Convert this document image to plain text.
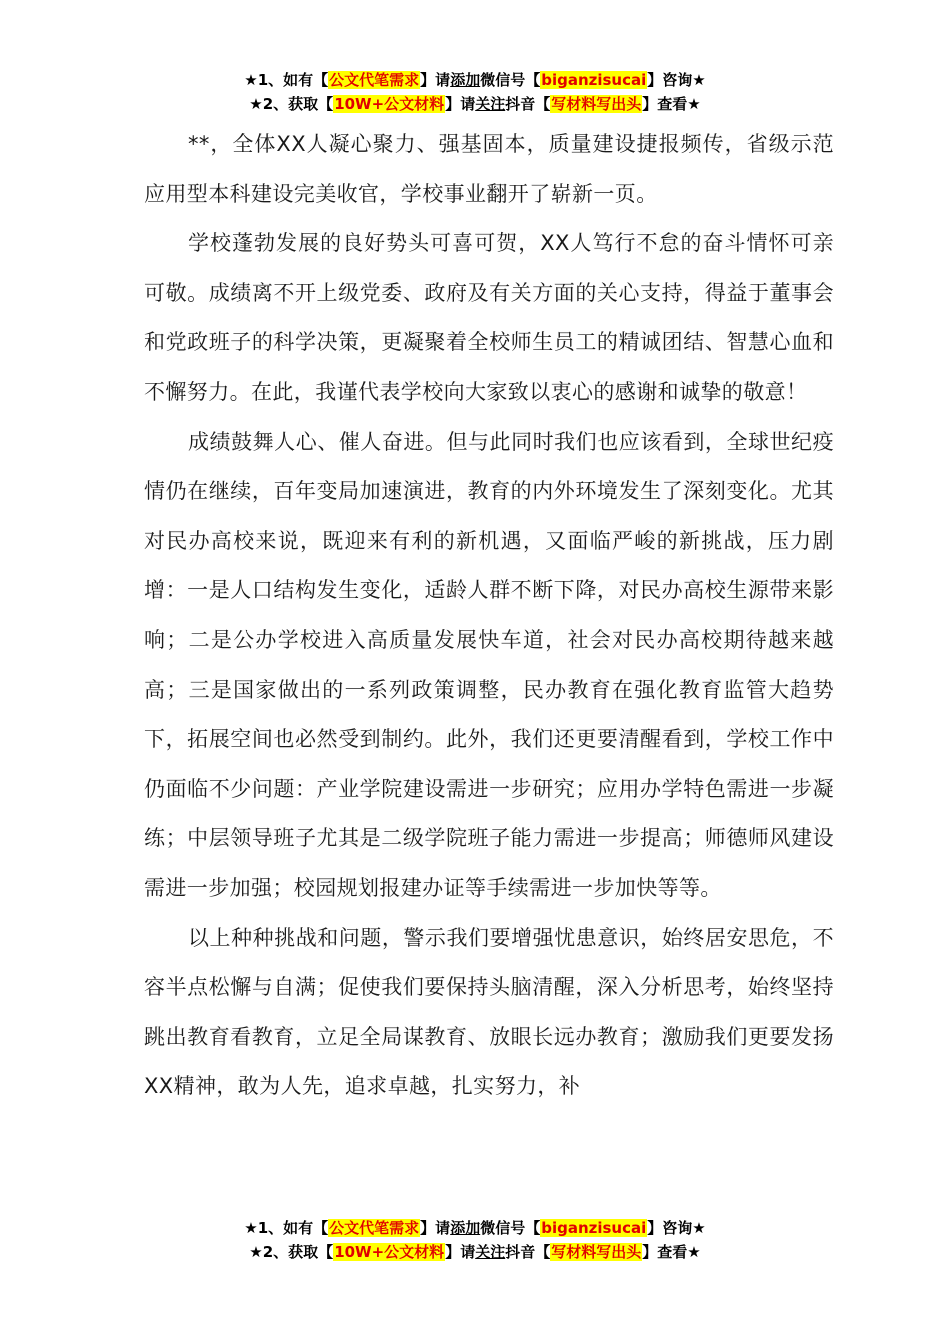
★1、如有【公文代笔需求】请添加微信号【biganzisucai】咨询★
★2、获取【10W+公文材料】请关注抖音【写材料写出头】查看★

**，全体XX人凝心聚力、强基固本，质量建设捷报频传，省级示范应用型本科建设完美收官，学校事业翻开了崭新一页。

学校蓬勃发展的良好势头可喜可贺，XX人笃行不怠的奋斗情怀可亲可敬。成绩离不开上级党委、政府及有关方面的关心支持，得益于董事会和党政班子的科学决策，更凝聚着全校师生员工的精诚团结、智慧心血和不懈努力。在此，我谨代表学校向大家致以衷心的感谢和诚挚的敬意！

成绩鼓舞人心、催人奋进。但与此同时我们也应该看到，全球世纪疫情仍在继续，百年变局加速演进，教育的内外环境发生了深刻变化。尤其对民办高校来说，既迎来有利的新机遇，又面临严峻的新挑战，压力剧增：一是人口结构发生变化，适龄人群不断下降，对民办高校生源带来影响；二是公办学校进入高质量发展快车道，社会对民办高校期待越来越高；三是国家做出的一系列政策调整，民办教育在强化教育监管大趋势下，拓展空间也必然受到制约。此外，我们还更要清醒看到，学校工作中仍面临不少问题：产业学院建设需进一步研究；应用办学特色需进一步凝练；中层领导班子尤其是二级学院班子能力需进一步提高；师德师风建设需进一步加强；校园规划报建办证等手续需进一步加快等等。

以上种种挑战和问题，警示我们要增强忧患意识，始终居安思危，不容半点松懈与自满；促使我们要保持头脑清醒，深入分析思考，始终坚持跳出教育看教育，立足全局谋教育、放眼长远办教育；激励我们更要发扬XX精神，敢为人先，追求卓越，扎实努力，补

★1、如有【公文代笔需求】请添加微信号【biganzisucai】咨询★
★2、获取【10W+公文材料】请关注抖音【写材料写出头】查看★
